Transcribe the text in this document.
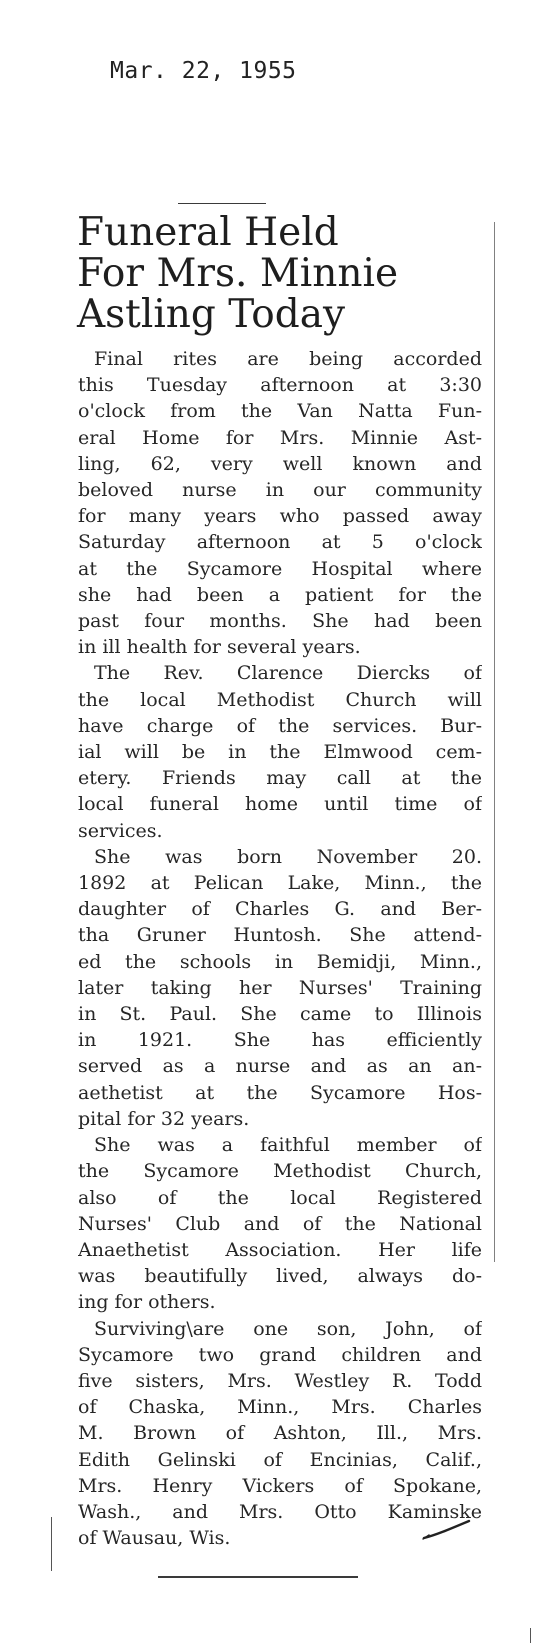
Mar. 22, 1955

Funeral Held
For Mrs. Minnie
Astling Today

Final rites are being accorded
this Tuesday afternoon at 3:30
o'clock from the Van Natta Fun-
eral Home for Mrs. Minnie Ast-
ling, 62, very well known and
beloved nurse in our community
for many years who passed away
Saturday afternoon at 5 o'clock
at the Sycamore Hospital where
she had been a patient for the
past four months. She had been
in ill health for several years.

The Rev. Clarence Diercks of
the local Methodist Church will
have charge of the services. Bur-
ial will be in the Elmwood cem-
etery. Friends may call at the
local funeral home until time of
services.

She was born November 20.
1892 at Pelican Lake, Minn., the
daughter of Charles G. and Ber-
tha Gruner Huntosh. She attend-
ed the schools in Bemidji, Minn.,
later taking her Nurses' Training
in St. Paul. She came to Illinois
in 1921. She has efficiently
served as a nurse and as an an-
aethetist at the Sycamore Hos-
pital for 32 years.

She was a faithful member of
the Sycamore Methodist Church,
also of the local Registered
Nurses' Club and of the National
Anaethetist Association. Her life
was beautifully lived, always do-
ing for others.

Surviving\are one son, John, of
Sycamore two grand children and
five sisters, Mrs. Westley R. Todd
of Chaska, Minn., Mrs. Charles
M. Brown of Ashton, Ill., Mrs.
Edith Gelinski of Encinias, Calif.,
Mrs. Henry Vickers of Spokane,
Wash., and Mrs. Otto Kaminske
of Wausau, Wis.
